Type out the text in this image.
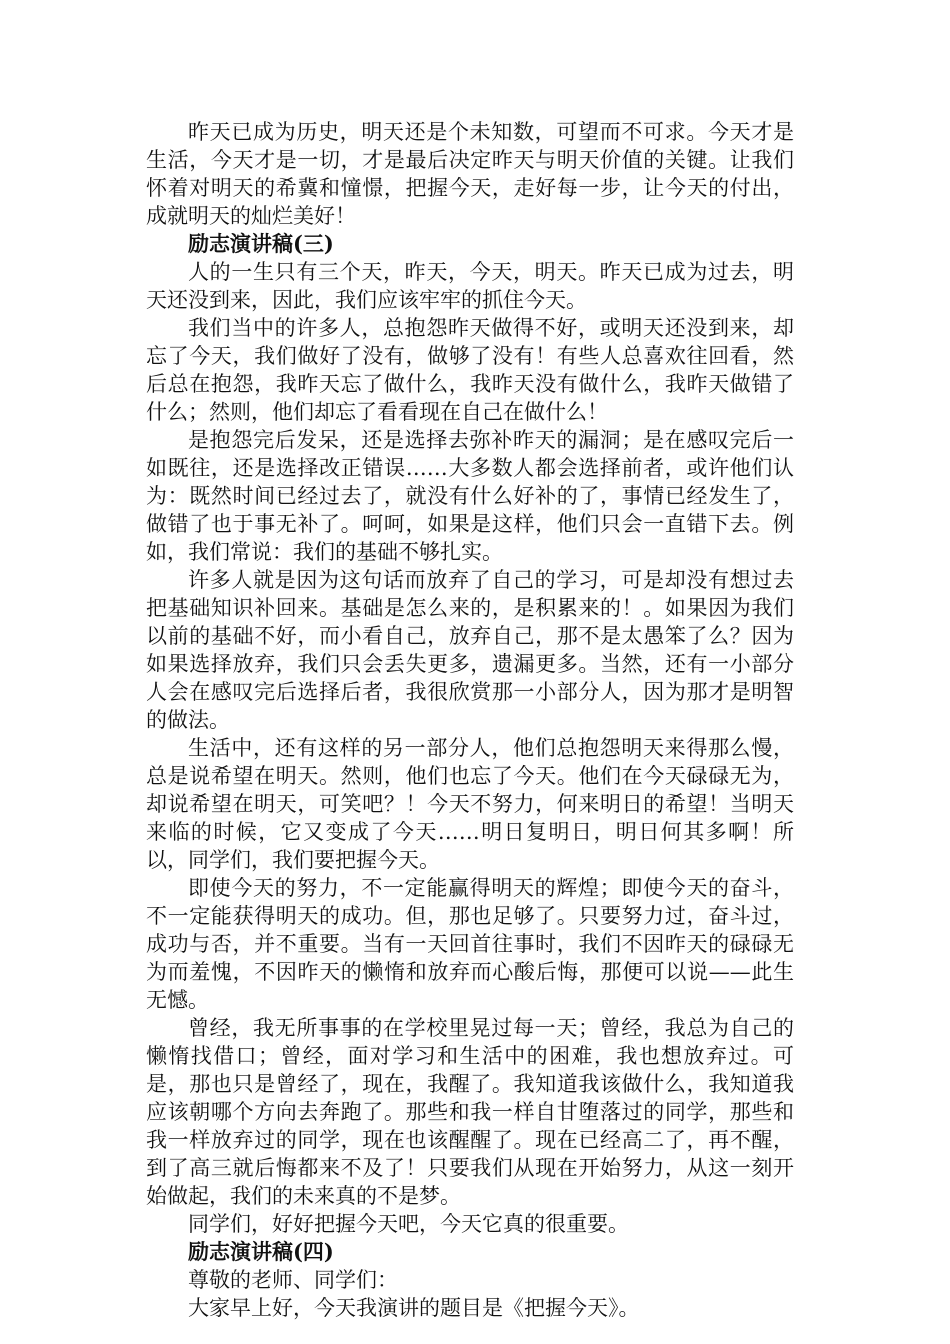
昨天已成为历史，明天还是个未知数，可望而不可求。今天才是生活，今天才是一切，才是最后决定昨天与明天价值的关键。让我们怀着对明天的希冀和憧憬，把握今天，走好每一步，让今天的付出，成就明天的灿烂美好！

励志演讲稿(三)

人的一生只有三个天，昨天，今天，明天。昨天已成为过去，明天还没到来，因此，我们应该牢牢的抓住今天。

我们当中的许多人，总抱怨昨天做得不好，或明天还没到来，却忘了今天，我们做好了没有，做够了没有！有些人总喜欢往回看，然后总在抱怨，我昨天忘了做什么，我昨天没有做什么，我昨天做错了什么；然则，他们却忘了看看现在自己在做什么！

是抱怨完后发呆，还是选择去弥补昨天的漏洞；是在感叹完后一如既往，还是选择改正错误……大多数人都会选择前者，或许他们认为：既然时间已经过去了，就没有什么好补的了，事情已经发生了，做错了也于事无补了。呵呵，如果是这样，他们只会一直错下去。例如，我们常说：我们的基础不够扎实。

许多人就是因为这句话而放弃了自己的学习，可是却没有想过去把基础知识补回来。基础是怎么来的，是积累来的！。如果因为我们以前的基础不好，而小看自己，放弃自己，那不是太愚笨了么？因为如果选择放弃，我们只会丢失更多，遗漏更多。当然，还有一小部分人会在感叹完后选择后者，我很欣赏那一小部分人，因为那才是明智的做法。

生活中，还有这样的另一部分人，他们总抱怨明天来得那么慢，总是说希望在明天。然则，他们也忘了今天。他们在今天碌碌无为，却说希望在明天，可笑吧？！今天不努力，何来明日的希望！当明天来临的时候，它又变成了今天……明日复明日，明日何其多啊！所以，同学们，我们要把握今天。

即使今天的努力，不一定能赢得明天的辉煌；即使今天的奋斗，不一定能获得明天的成功。但，那也足够了。只要努力过，奋斗过，成功与否，并不重要。当有一天回首往事时，我们不因昨天的碌碌无为而羞愧，不因昨天的懒惰和放弃而心酸后悔，那便可以说——此生无憾。

曾经，我无所事事的在学校里晃过每一天；曾经，我总为自己的懒惰找借口；曾经，面对学习和生活中的困难，我也想放弃过。可是，那也只是曾经了，现在，我醒了。我知道我该做什么，我知道我应该朝哪个方向去奔跑了。那些和我一样自甘堕落过的同学，那些和我一样放弃过的同学，现在也该醒醒了。现在已经高二了，再不醒，到了高三就后悔都来不及了！只要我们从现在开始努力，从这一刻开始做起，我们的未来真的不是梦。

同学们，好好把握今天吧，今天它真的很重要。

励志演讲稿(四)

尊敬的老师、同学们：

大家早上好，今天我演讲的题目是《把握今天》。
